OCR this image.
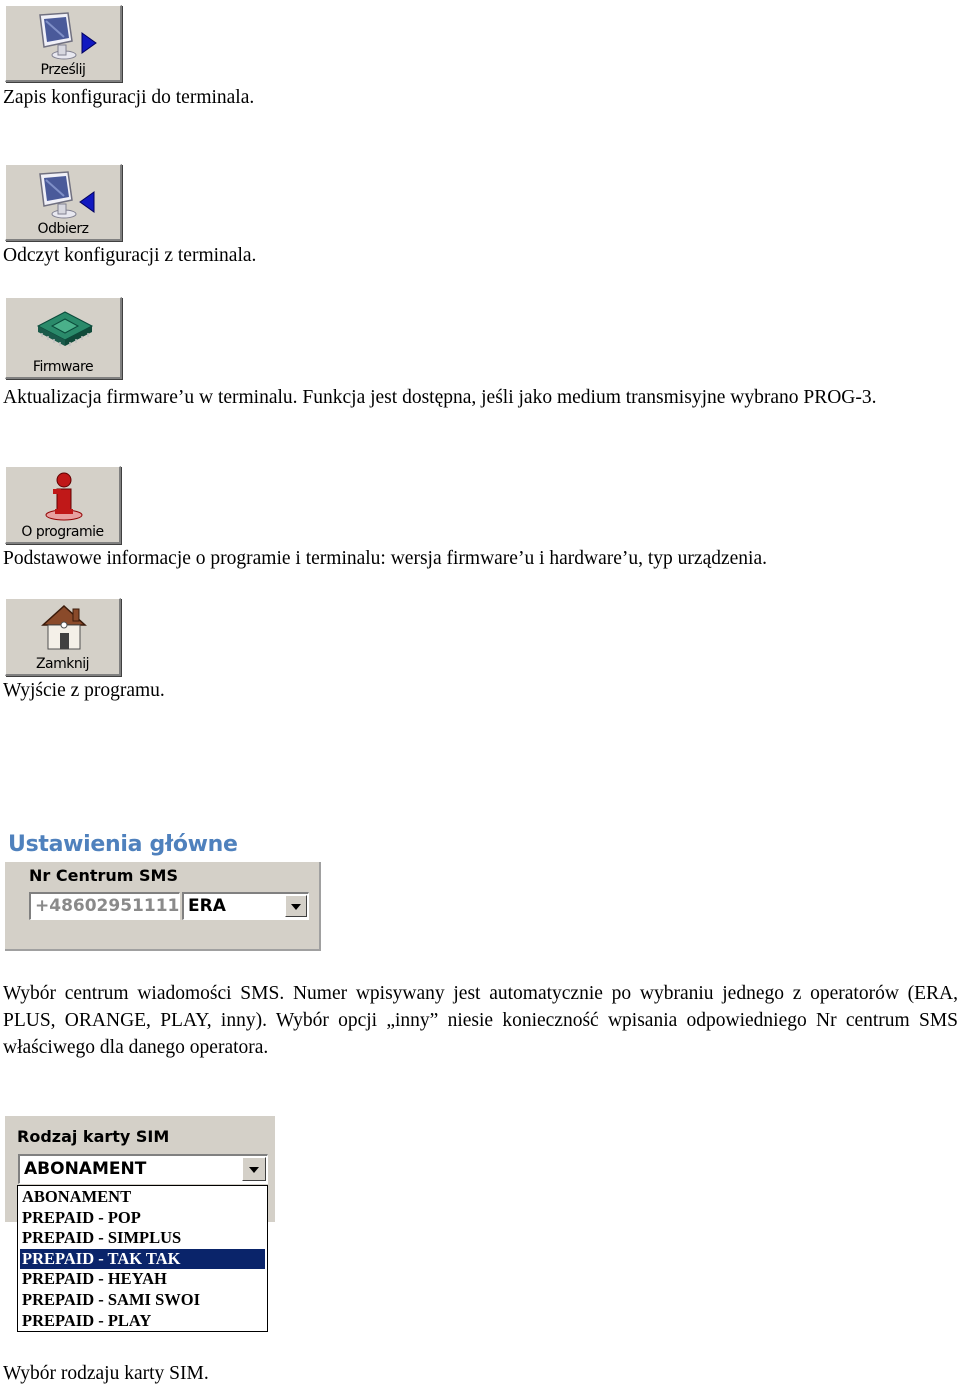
Prześlij
Zapis konfiguracji do terminala.
Odbierz
Odczyt konfiguracji z terminala.
Firmware
Aktualizacja firmware’u w terminalu. Funkcja jest dostępna, jeśli jako medium transmisyjne wybrano PROG-3.
O programie
Podstawowe informacje o programie i terminalu: wersja firmware’u i hardware’u, typ urządzenia.
Zamknij
Wyjście z programu.
Ustawienia główne
Nr Centrum SMS
+48602951111 ERA
Wybór centrum wiadomości SMS. Numer wpisywany jest automatycznie po wybraniu jednego z operatorów (ERA, PLUS, ORANGE, PLAY, inny). Wybór opcji „inny” niesie konieczność wpisania odpowiedniego Nr centrum SMS właściwego dla danego operatora.
Rodzaj karty SIM
ABONAMENT
ABONAMENT
PREPAID - POP
PREPAID - SIMPLUS
PREPAID - TAK TAK
PREPAID - HEYAH
PREPAID - SAMI SWOI
PREPAID - PLAY
Wybór rodzaju karty SIM.
